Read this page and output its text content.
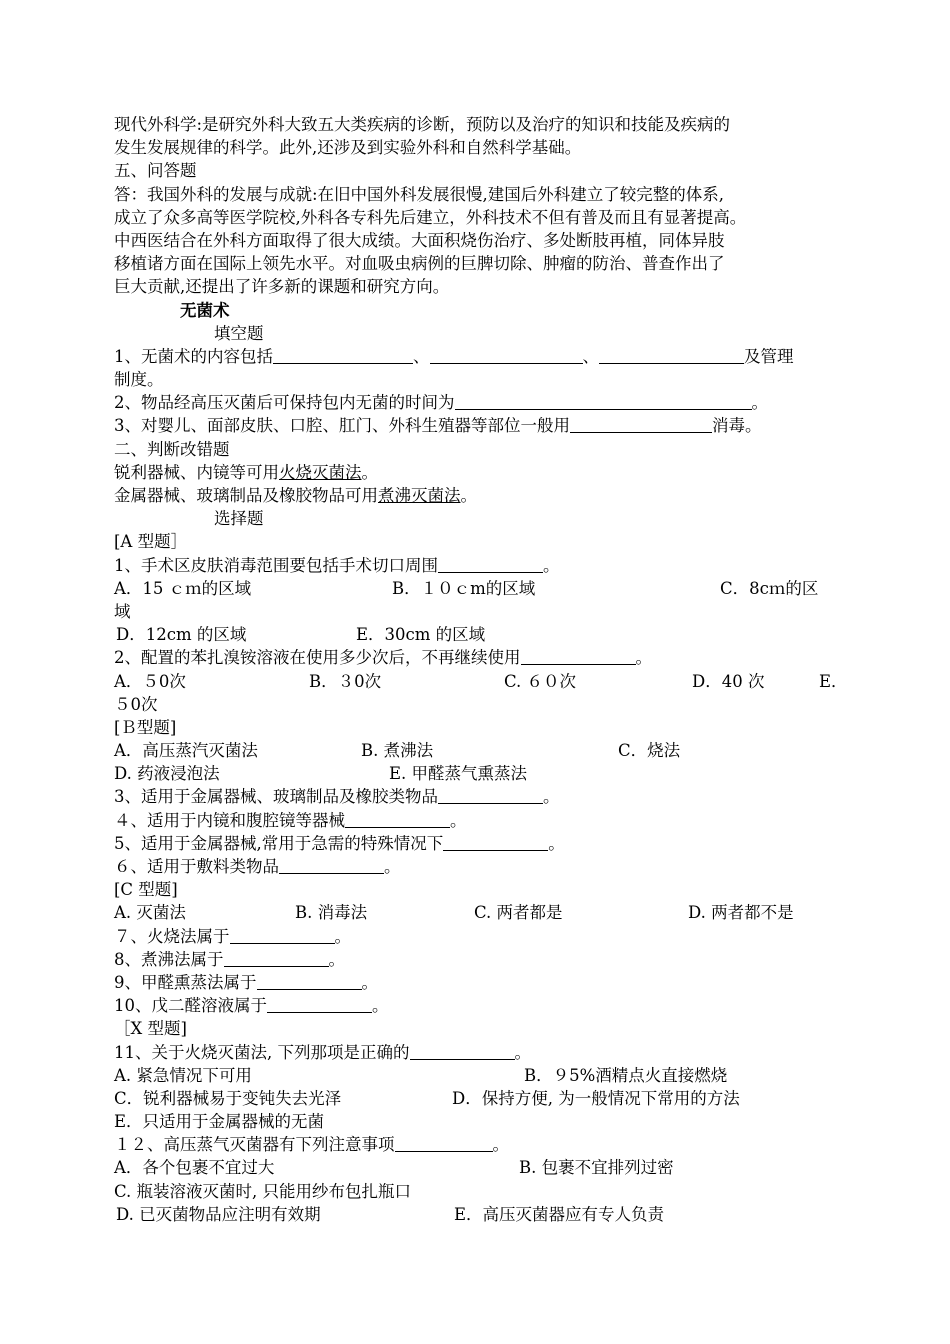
现代外科学:是研究外科大致五大类疾病的诊断，预防以及治疗的知识和技能及疾病的
发生发展规律的科学。此外,还涉及到实验外科和自然科学基础。
五、问答题
答：我国外科的发展与成就:在旧中国外科发展很慢,建国后外科建立了较完整的体系,
成立了众多高等医学院校,外科各专科先后建立，外科技术不但有普及而且有显著提高。
中西医结合在外科方面取得了很大成绩。大面积烧伤治疗、多处断肢再植，同体异肢
移植诸方面在国际上领先水平。对血吸虫病例的巨脾切除、肿瘤的防治、普查作出了
巨大贡献,还提出了许多新的课题和研究方向。
无菌术
填空题
1、无菌术的内容包括	、	、	及管理
制度。
2、物品经高压灭菌后可保持包内无菌的时间为	。
3、对婴儿、面部皮肤、口腔、肛门、外科生殖器等部位一般用	消毒。
二、判断改错题
锐利器械、内镜等可用火烧灭菌法。
金属器械、玻璃制品及橡胶物品可用煮沸灭菌法。
选择题
[A 型题］
1、手术区皮肤消毒范围要包括手术切口周围	。
A．15 ｃｍ的区域	B．１０ｃm的区域	C．8cｍ的区
域
D．12cm 的区域	E．30cm 的区域
2、配置的苯扎溴铵溶液在使用多少次后，不再继续使用	。
A．５0次	B．３0次	C. ６０次	D．40 次	E．
５0次
[Ｂ型题]
A．高压蒸汽灭菌法	B. 煮沸法	C．烧法
D. 药液浸泡法	E. 甲醛蒸气熏蒸法
3、适用于金属器械、玻璃制品及橡胶类物品	。
４、适用于内镜和腹腔镜等器械	。
5、适用于金属器械,常用于急需的特殊情况下	。
６、适用于敷料类物品	。
[C 型题]
A. 灭菌法	B. 消毒法	C. 两者都是	D. 两者都不是
７、火烧法属于	。
8、煮沸法属于	。
9、甲醛熏蒸法属于	。
10、戊二醛溶液属于	。
［X 型题]
11、关于火烧灭菌法, 下列那项是正确的	。
A. 紧急情况下可用	B．９5%酒精点火直接燃烧
C．锐利器械易于变钝失去光泽	D．保持方便, 为一般情况下常用的方法
E．只适用于金属器械的无菌
１２、高压蒸气灭菌器有下列注意事项	。
A．各个包裹不宜过大	B. 包裹不宜排列过密
C. 瓶装溶液灭菌时, 只能用纱布包扎瓶口
D. 已灭菌物品应注明有效期	E．高压灭菌器应有专人负责
